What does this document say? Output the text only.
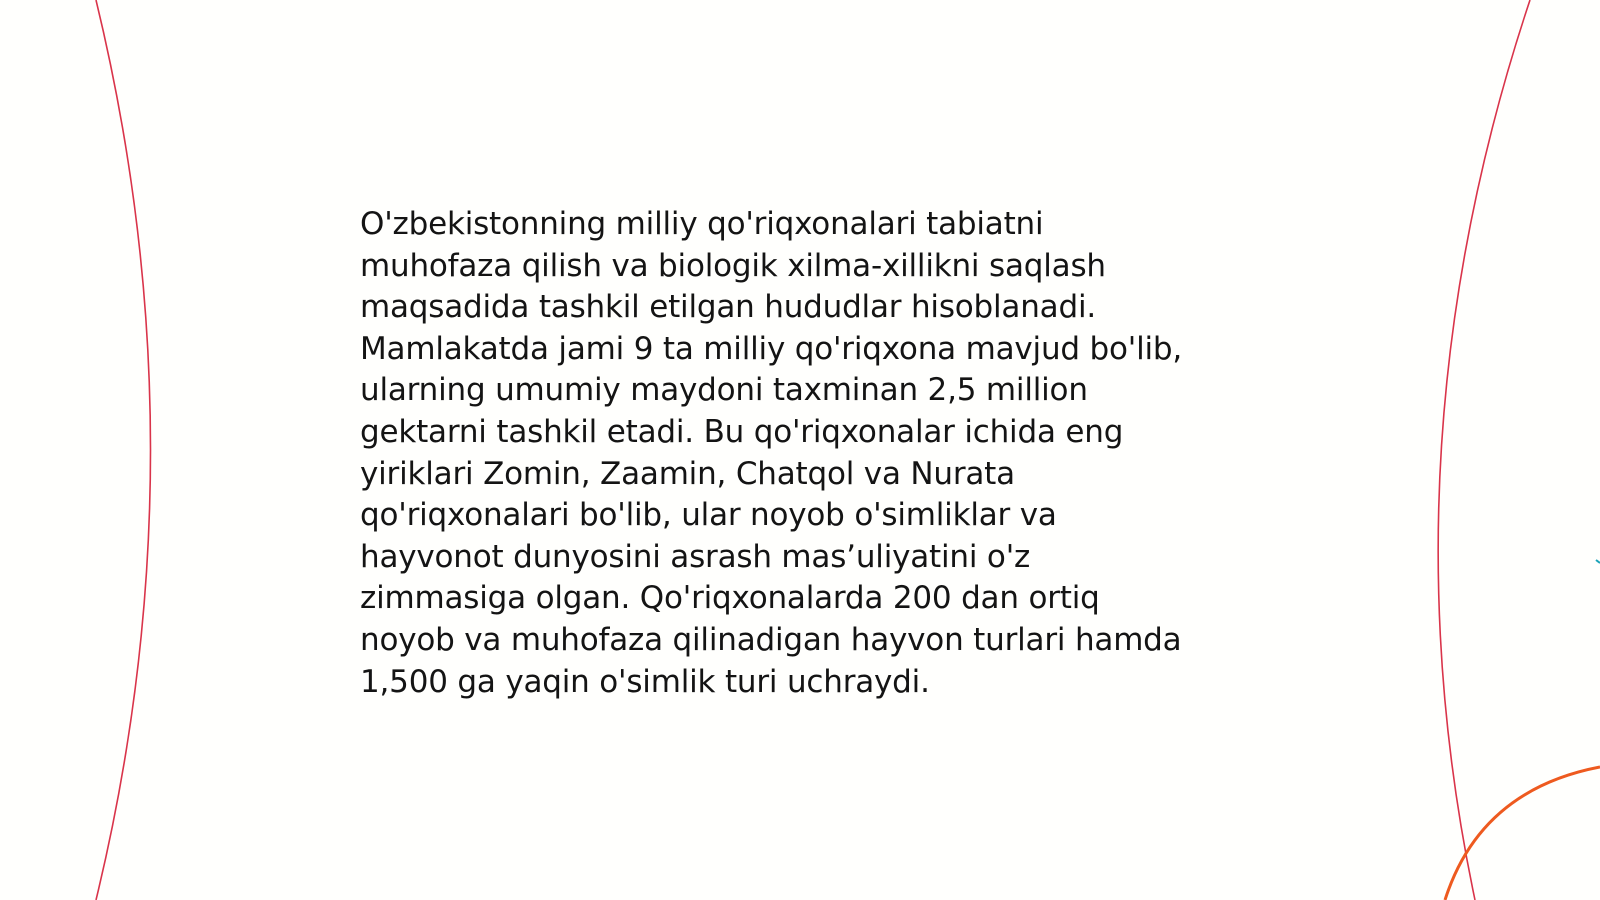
O'zbekistonning milliy qo'riqxonalari tabiatni
muhofaza qilish va biologik xilma-xillikni saqlash
maqsadida tashkil etilgan hududlar hisoblanadi.
Mamlakatda jami 9 ta milliy qo'riqxona mavjud bo'lib,
ularning umumiy maydoni taxminan 2,5 million
gektarni tashkil etadi. Bu qo'riqxonalar ichida eng
yiriklari Zomin, Zaamin, Chatqol va Nurata
qo'riqxonalari bo'lib, ular noyob o'simliklar va
hayvonot dunyosini asrash mas’uliyatini o'z
zimmasiga olgan. Qo'riqxonalarda 200 dan ortiq
noyob va muhofaza qilinadigan hayvon turlari hamda
1,500 ga yaqin o'simlik turi uchraydi.
